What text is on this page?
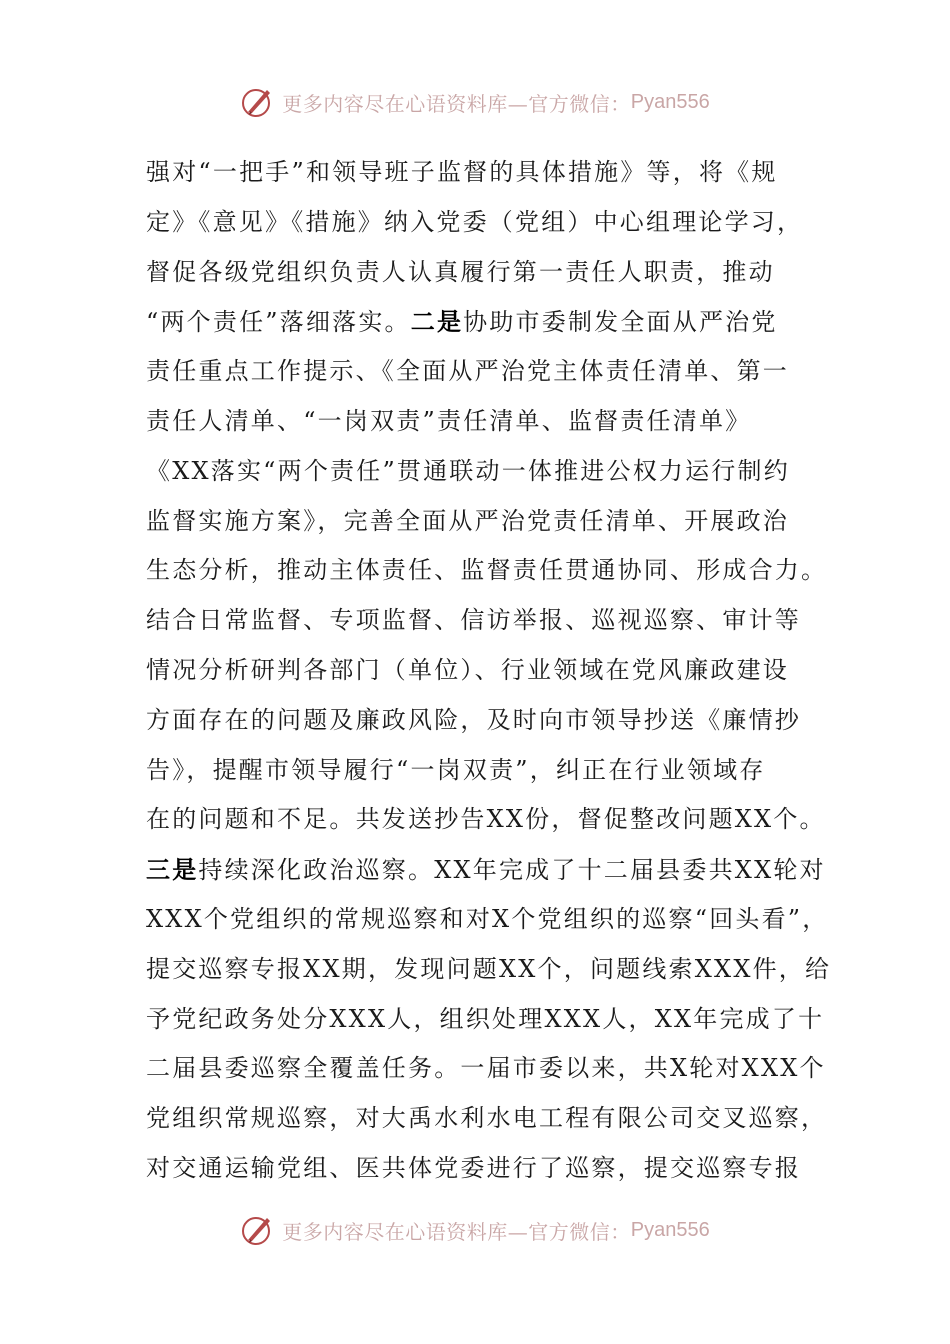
更多内容尽在心语资料库—官方微信： Pyan556
强对“一把手”和领导班子监督的具体措施》等，将《规
定》《意见》《措施》纳入党委（党组）中心组理论学习，
督促各级党组织负责人认真履行第一责任人职责，推动
“两个责任”落细落实。二是协助市委制发全面从严治党
责任重点工作提示、《全面从严治党主体责任清单、第一
责任人清单、“一岗双责”责任清单、监督责任清单》
《XX落实“两个责任”贯通联动一体推进公权力运行制约
监督实施方案》，完善全面从严治党责任清单、开展政治
生态分析，推动主体责任、监督责任贯通协同、形成合力。
结合日常监督、专项监督、信访举报、巡视巡察、审计等
情况分析研判各部门（单位）、行业领域在党风廉政建设
方面存在的问题及廉政风险，及时向市领导抄送《廉情抄
告》，提醒市领导履行“一岗双责”，纠正在行业领域存
在的问题和不足。共发送抄告XX份，督促整改问题XX个。
三是持续深化政治巡察。XX年完成了十二届县委共XX轮对
XXX个党组织的常规巡察和对X个党组织的巡察“回头看”，
提交巡察专报XX期，发现问题XX个，问题线索XXX件，给
予党纪政务处分XXX人，组织处理XXX人，XX年完成了十
二届县委巡察全覆盖任务。一届市委以来，共X轮对XXX个
党组织常规巡察，对大禹水利水电工程有限公司交叉巡察，
对交通运输党组、医共体党委进行了巡察，提交巡察专报
更多内容尽在心语资料库—官方微信： Pyan556
